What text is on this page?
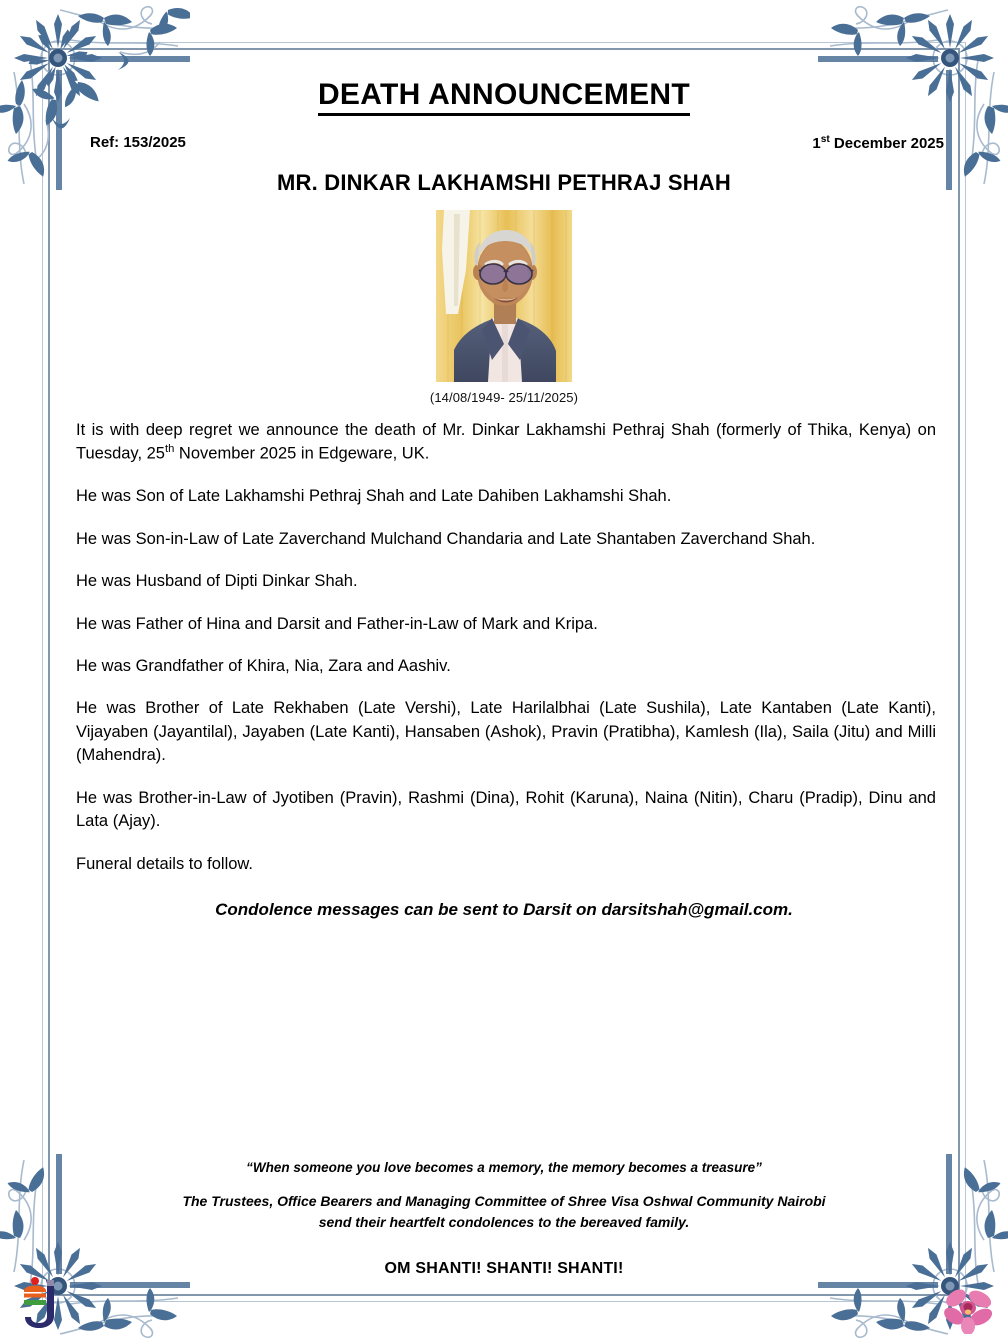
DEATH ANNOUNCEMENT
Ref: 153/2025	1st December 2025
MR. DINKAR LAKHAMSHI PETHRAJ SHAH
(14/08/1949- 25/11/2025)

It is with deep regret we announce the death of Mr. Dinkar Lakhamshi Pethraj Shah (formerly of Thika, Kenya) on Tuesday, 25th November 2025 in Edgeware, UK.

He was Son of Late Lakhamshi Pethraj Shah and Late Dahiben Lakhamshi Shah.

He was Son-in-Law of Late Zaverchand Mulchand Chandaria and Late Shantaben Zaverchand Shah.

He was Husband of Dipti Dinkar Shah.

He was Father of Hina and Darsit and Father-in-Law of Mark and Kripa.

He was Grandfather of Khira, Nia, Zara and Aashiv.

He was Brother of Late Rekhaben (Late Vershi), Late Harilalbhai (Late Sushila), Late Kantaben (Late Kanti), Vijayaben (Jayantilal), Jayaben (Late Kanti), Hansaben (Ashok), Pravin (Pratibha), Kamlesh (Ila), Saila (Jitu) and Milli (Mahendra).

He was Brother-in-Law of Jyotiben (Pravin), Rashmi (Dina), Rohit (Karuna), Naina (Nitin), Charu (Pradip), Dinu and Lata (Ajay).

Funeral details to follow.

Condolence messages can be sent to Darsit on darsitshah@gmail.com.
“When someone you love becomes a memory, the memory becomes a treasure”
The Trustees, Office Bearers and Managing Committee of Shree Visa Oshwal Community Nairobi
send their heartfelt condolences to the bereaved family.
OM SHANTI! SHANTI! SHANTI!
